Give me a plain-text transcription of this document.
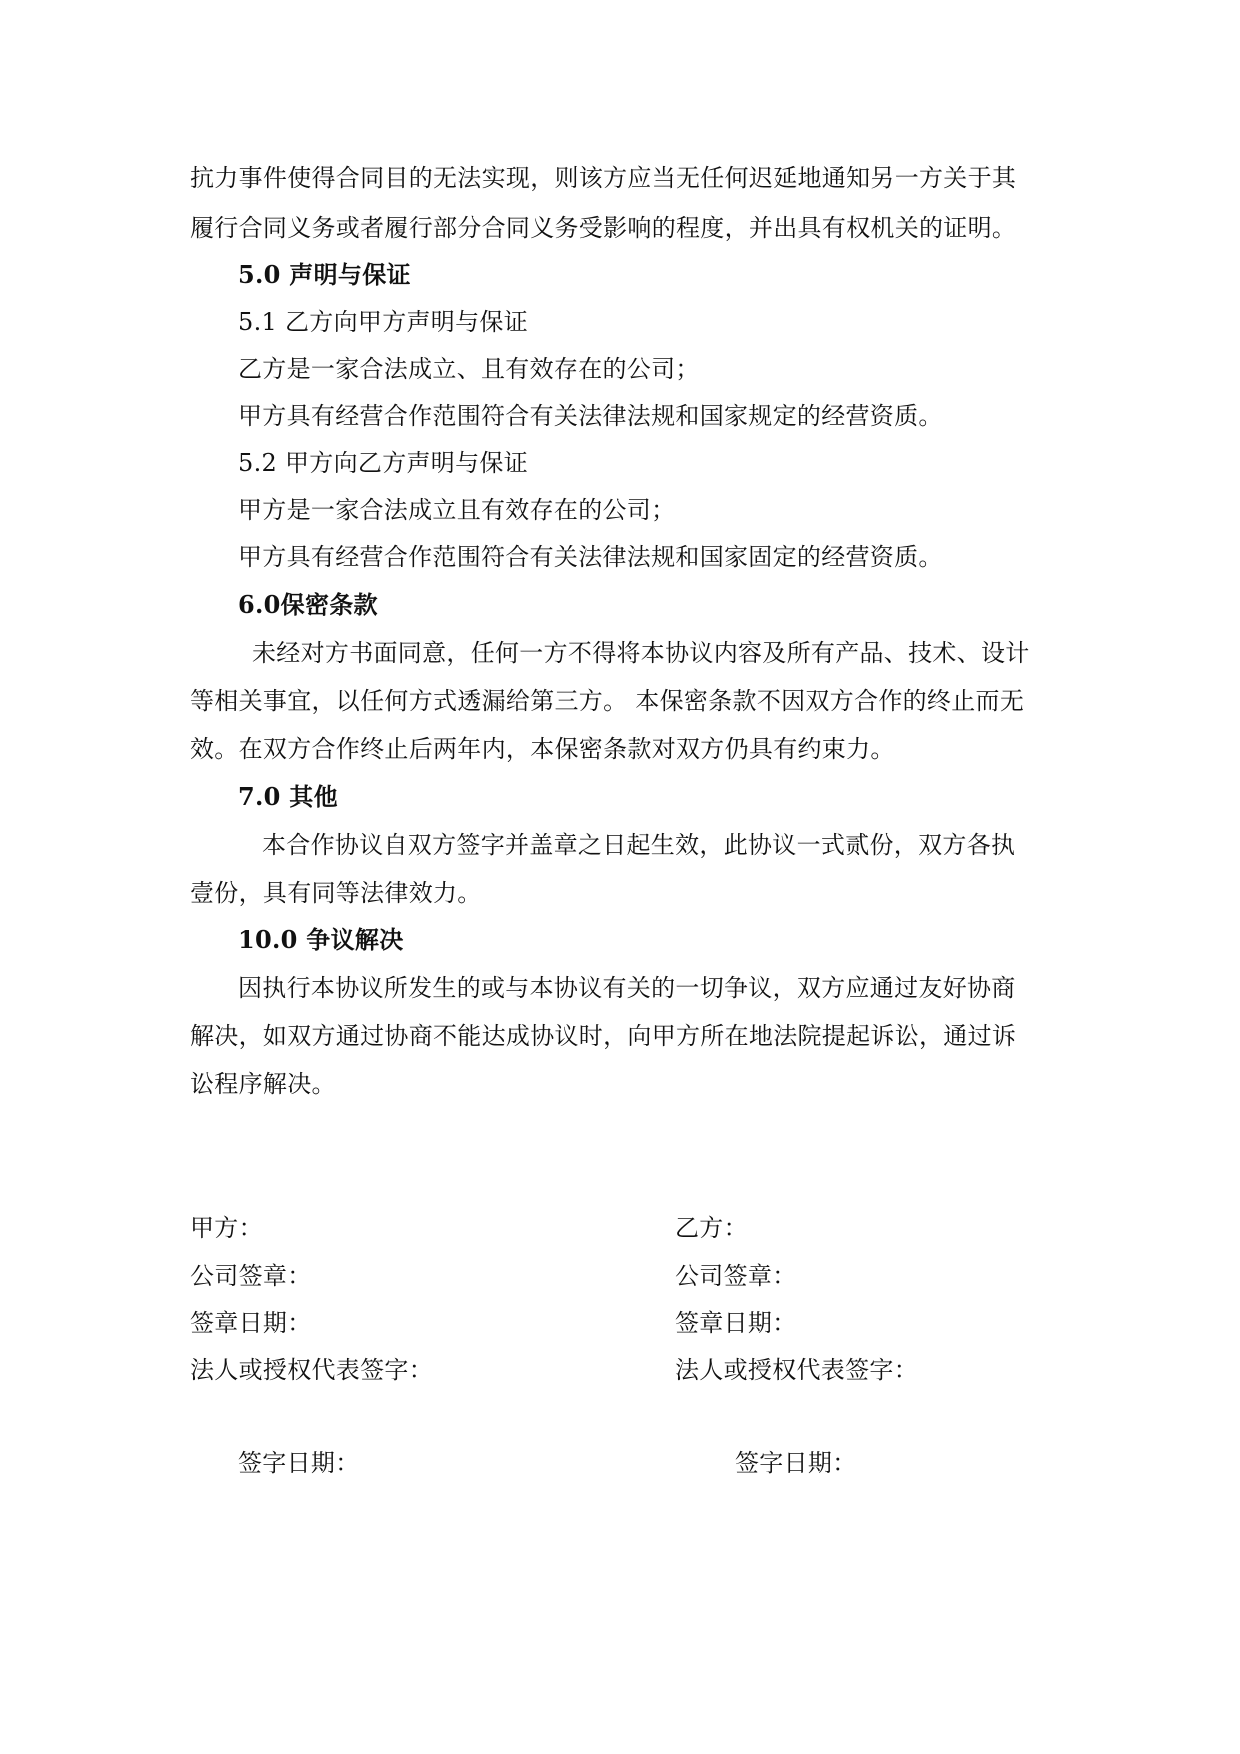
抗力事件使得合同目的无法实现，则该方应当无任何迟延地通知另一方关于其
履行合同义务或者履行部分合同义务受影响的程度，并出具有权机关的证明。
5.0 声明与保证
5.1 乙方向甲方声明与保证
乙方是一家合法成立、且有效存在的公司；
甲方具有经营合作范围符合有关法律法规和国家规定的经营资质。
5.2 甲方向乙方声明与保证
甲方是一家合法成立且有效存在的公司；
甲方具有经营合作范围符合有关法律法规和国家固定的经营资质。
6.0保密条款
未经对方书面同意，任何一方不得将本协议内容及所有产品、技术、设计
等相关事宜，以任何方式透漏给第三方。 本保密条款不因双方合作的终止而无
效。在双方合作终止后两年内，本保密条款对双方仍具有约束力。
7.0 其他
本合作协议自双方签字并盖章之日起生效，此协议一式贰份，双方各执
壹份，具有同等法律效力。
10.0 争议解决
因执行本协议所发生的或与本协议有关的一切争议，双方应通过友好协商
解决，如双方通过协商不能达成协议时，向甲方所在地法院提起诉讼，通过诉
讼程序解决。
甲方：
公司签章：
签章日期：
法人或授权代表签字：
签字日期：
乙方：
公司签章：
签章日期：
法人或授权代表签字：
签字日期：
